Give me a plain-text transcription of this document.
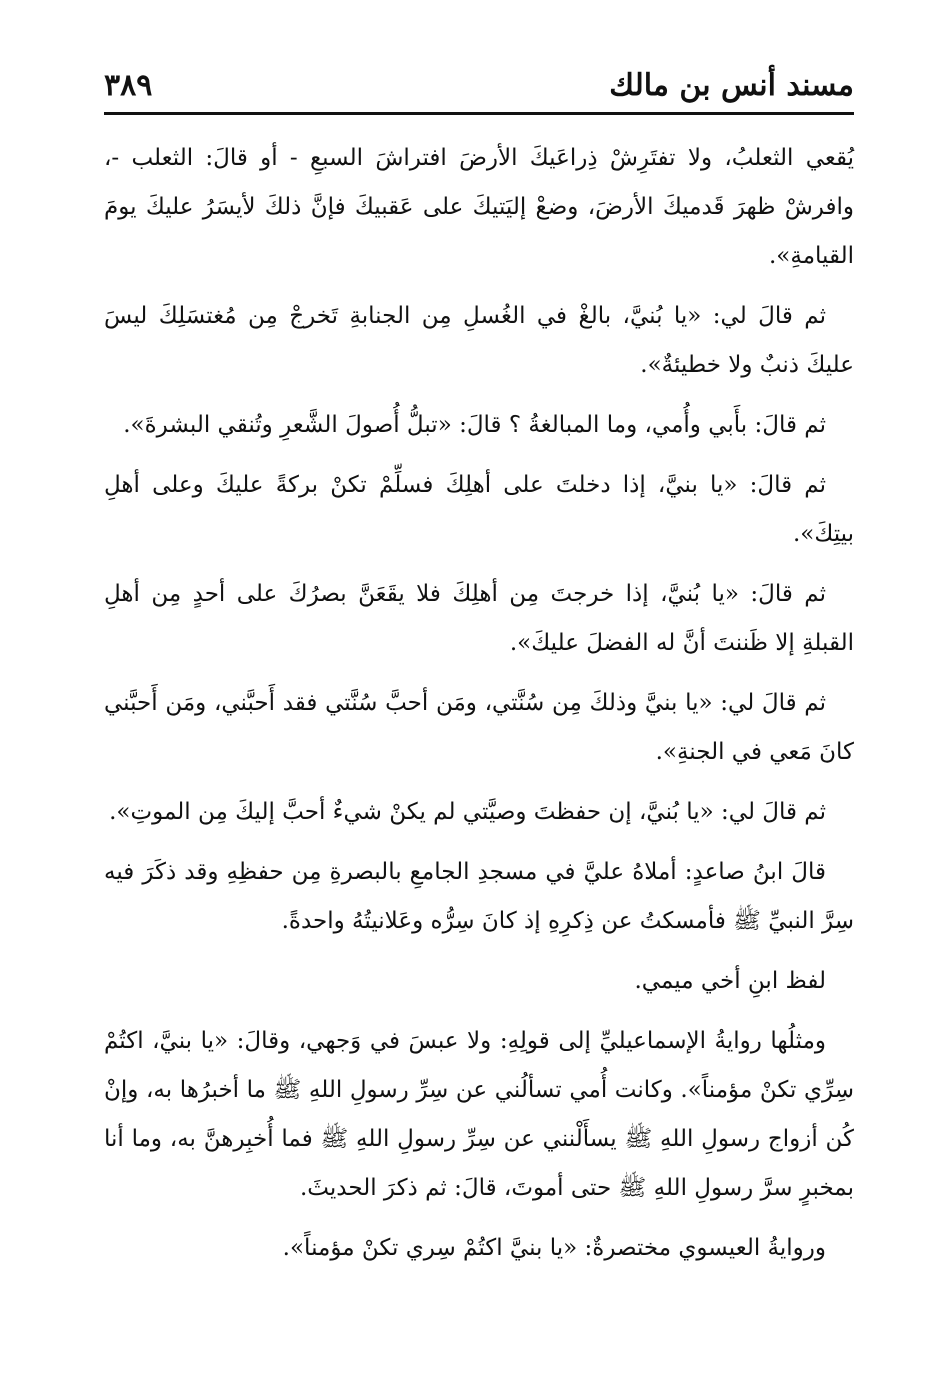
مسند أنس بن مالك
٣٨٩

يُقعي الثعلبُ، ولا تفتَرِشْ ذِراعَيكَ الأرضَ افتراشَ السبعِ - أو قالَ: الثعلب -، وافرشْ ظهرَ قَدميكَ الأرضَ، وضعْ إليَتيكَ على عَقبيكَ فإنَّ ذلكَ لأيسَرُ عليكَ يومَ القيامةِ».

ثم قالَ لي: «يا بُنيَّ، بالغْ في الغُسلِ مِن الجنابةِ تَخرجْ مِن مُغتسَلِكَ ليسَ عليكَ ذنبٌ ولا خطيئةٌ».

ثم قالَ: بأَبي وأُمي، وما المبالغةُ ؟ قالَ: «تبلُّ أُصولَ الشَّعرِ وتُنقي البشرةَ».

ثم قالَ: «يا بنيَّ، إذا دخلتَ على أهلِكَ فسلِّمْ تكنْ بركةً عليكَ وعلى أهلِ بيتِكَ».

ثم قالَ: «يا بُنيَّ، إذا خرجتَ مِن أهلِكَ فلا يقَعَنَّ بصرُكَ على أحدٍ مِن أهلِ القبلةِ إلا ظَننتَ أنَّ له الفضلَ عليكَ».

ثم قالَ لي: «يا بنيَّ وذلكَ مِن سُنَّتي، ومَن أحبَّ سُنَّتي فقد أَحبَّني، ومَن أَحبَّني كانَ مَعي في الجنةِ».

ثم قالَ لي: «يا بُنيَّ، إن حفظتَ وصيَّتي لم يكنْ شيءٌ أحبَّ إليكَ مِن الموتِ».

قالَ ابنُ صاعدٍ: أملاهُ عليَّ في مسجدِ الجامعِ بالبصرةِ مِن حفظِهِ وقد ذكَرَ فيه سِرَّ النبيِّ ﷺ فأمسكتُ عن ذِكرِهِ إذ كانَ سِرُّه وعَلانيتُهُ واحدةً.

لفظ ابنِ أخي ميمي.

ومثلُها روايةُ الإسماعيليِّ إلى قولِهِ: ولا عبسَ في وَجهي، وقالَ: «يا بنيَّ، اكتُمْ سِرِّي تكنْ مؤمناً». وكانت أُمي تسألُني عن سِرِّ رسولِ اللهِ ﷺ ما أخبرُها به، وإنْ كُن أزواج رسولِ اللهِ ﷺ يسأَلْنني عن سِرِّ رسولِ اللهِ ﷺ فما أُخبِرهنَّ به، وما أنا بمخبرٍ سرَّ رسولِ اللهِ ﷺ حتى أموتَ، قالَ: ثم ذكرَ الحديثَ.

وروايةُ العيسوي مختصرةٌ: «يا بنيَّ اكتُمْ سِري تكنْ مؤمناً».
